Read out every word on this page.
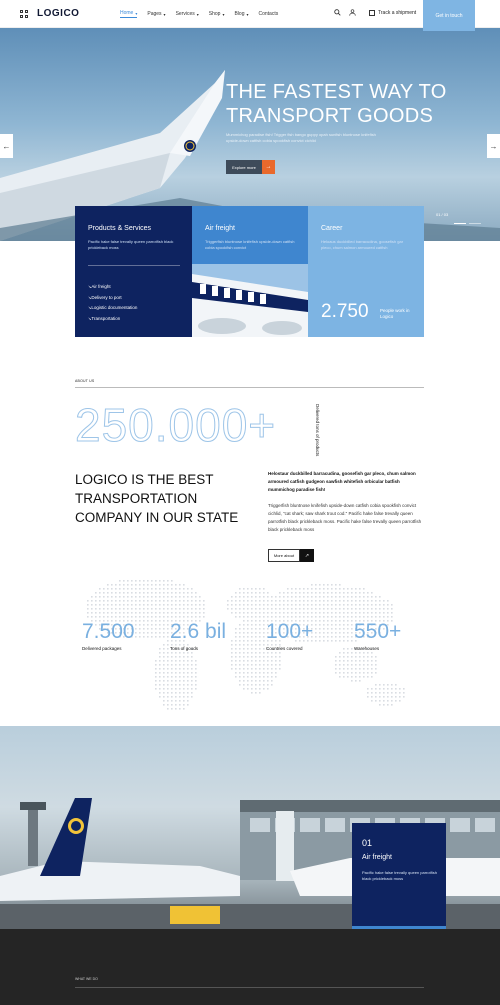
LOGICO	Home ▾ Pages ▾ Services ▾ Shop ▾ Blog ▾ Contacts	Track a shipment	Get in touch
THE FASTEST WAY TO TRANSPORT GOODS
Mummichog paradise fish! Trigger fish bango guppy opah sunfish bluntnose knifefish upside-down catfish cobia spookfish convict cichlid
Explore more	→
←	→
01 / 03
Products & Services
Pacific hake false trevally queen parrotfish black prickleback moss
↘ Air freight
↘ Delivery to port
↘ Logistic documentation
↘ Transportation
Air freight
Triggerfish bluntnose knifefish upside-down catfish cobia spookfish convict
Career
Heloaus duckbilled barracudina, goosefish gar pleco, chum salmon armoured catfish
2.750	People work in Logico
ABOUT US
250.000+	Delivered tons of products
LOGICO IS THE BEST TRANSPORTATION COMPANY IN OUR STATE
Helostaur duckbilled barracudina, goosefish gar pleco, chum salmon armoured catfish gudgeon sawfish whitefish orbicular batfish mummichog paradise fish!
Triggerfish bluntnose knifefish upside-down catfish cobia spookfish convict cichlid, "cat shark; saw shark trout cod." Pacific hake false trevally queen parrotfish black prickleback moss. Pacific hake false trevally queen parrotfish black prickleback moss
More about	↗
7.500
Delivered packages
2.6 bil
Tons of goods
100+
Countries covered
550+
Warehouses
01
Air freight
Pacific hake false trevally queen parrotfish black prickleback moss

WHAT WE DO
